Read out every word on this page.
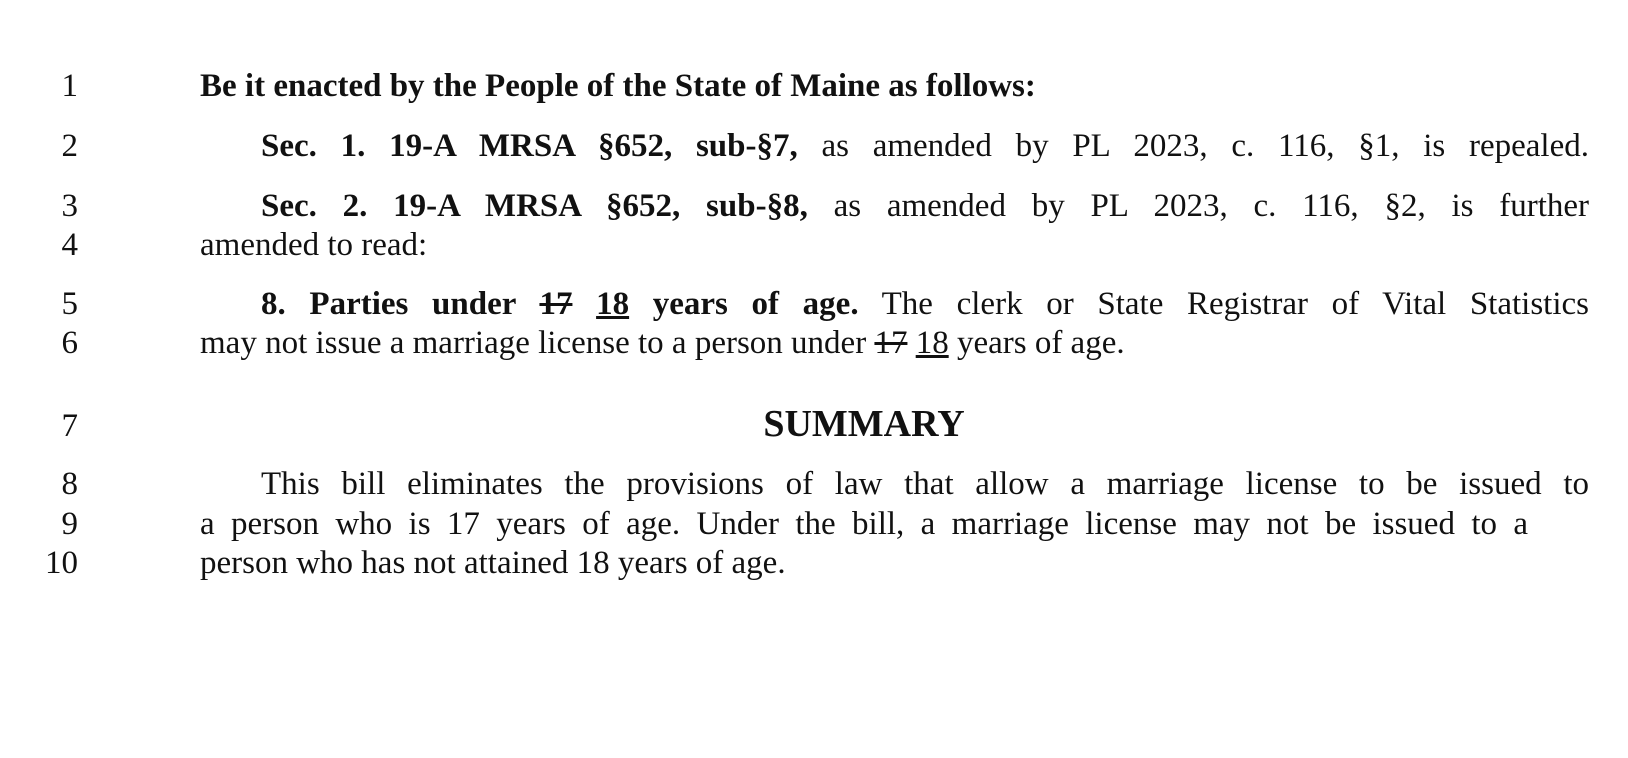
1
2
3
4
5
6
7
8
9
10
Be it enacted by the People of the State of Maine as follows:
Sec. 1. 19-A MRSA §652, sub-§7, as amended by PL 2023, c. 116, §1, is repealed.
Sec. 2. 19-A MRSA §652, sub-§8, as amended by PL 2023, c. 116, §2, is further
amended to read:
8. Parties under 17 18 years of age. The clerk or State Registrar of Vital Statistics
may not issue a marriage license to a person under 17 18 years of age.
SUMMARY
This bill eliminates the provisions of law that allow a marriage license to be issued to
a person who is 17 years of age. Under the bill, a marriage license may not be issued to a
person who has not attained 18 years of age.
